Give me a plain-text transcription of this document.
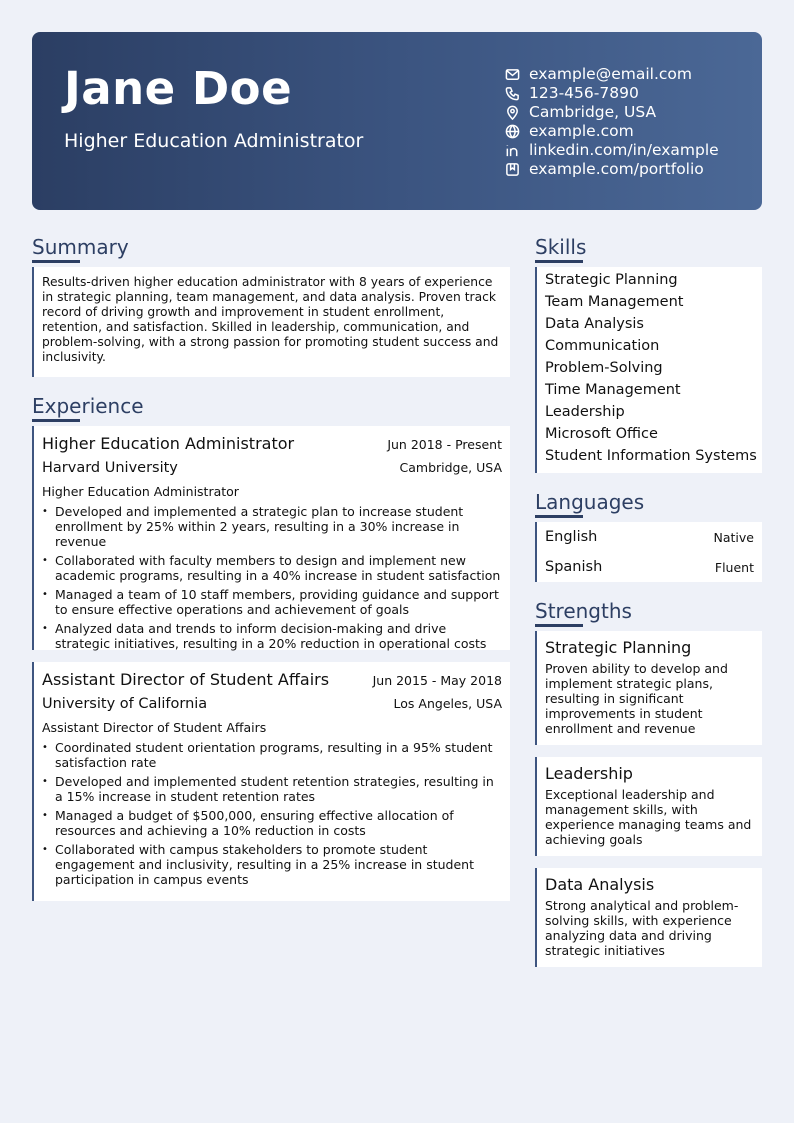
Jane Doe
Higher Education Administrator
example@email.com
123-456-7890
Cambridge, USA
example.com
linkedin.com/in/example
example.com/portfolio
Summary

Results-driven higher education administrator with 8 years of experience in strategic planning, team management, and data analysis. Proven track record of driving growth and improvement in student enrollment, retention, and satisfaction. Skilled in leadership, communication, and problem-solving, with a strong passion for promoting student success and inclusivity.

Experience
Higher Education Administrator	Jun 2018 - Present
Harvard University	Cambridge, USA
Higher Education Administrator
• Developed and implemented a strategic plan to increase student enrollment by 25% within 2 years, resulting in a 30% increase in revenue
• Collaborated with faculty members to design and implement new academic programs, resulting in a 40% increase in student satisfaction
• Managed a team of 10 staff members, providing guidance and support to ensure effective operations and achievement of goals
• Analyzed data and trends to inform decision-making and drive strategic initiatives, resulting in a 20% reduction in operational costs
Assistant Director of Student Affairs	Jun 2015 - May 2018
University of California	Los Angeles, USA
Assistant Director of Student Affairs
• Coordinated student orientation programs, resulting in a 95% student satisfaction rate
• Developed and implemented student retention strategies, resulting in a 15% increase in student retention rates
• Managed a budget of $500,000, ensuring effective allocation of resources and achieving a 10% reduction in costs
• Collaborated with campus stakeholders to promote student engagement and inclusivity, resulting in a 25% increase in student participation in campus events
Skills
Strategic Planning
Team Management
Data Analysis
Communication
Problem-Solving
Time Management
Leadership
Microsoft Office
Student Information Systems
Languages
English	Native
Spanish	Fluent
Strengths
Strategic Planning
Proven ability to develop and implement strategic plans, resulting in significant improvements in student enrollment and revenue
Leadership
Exceptional leadership and management skills, with experience managing teams and achieving goals
Data Analysis
Strong analytical and problem-solving skills, with experience analyzing data and driving strategic initiatives
